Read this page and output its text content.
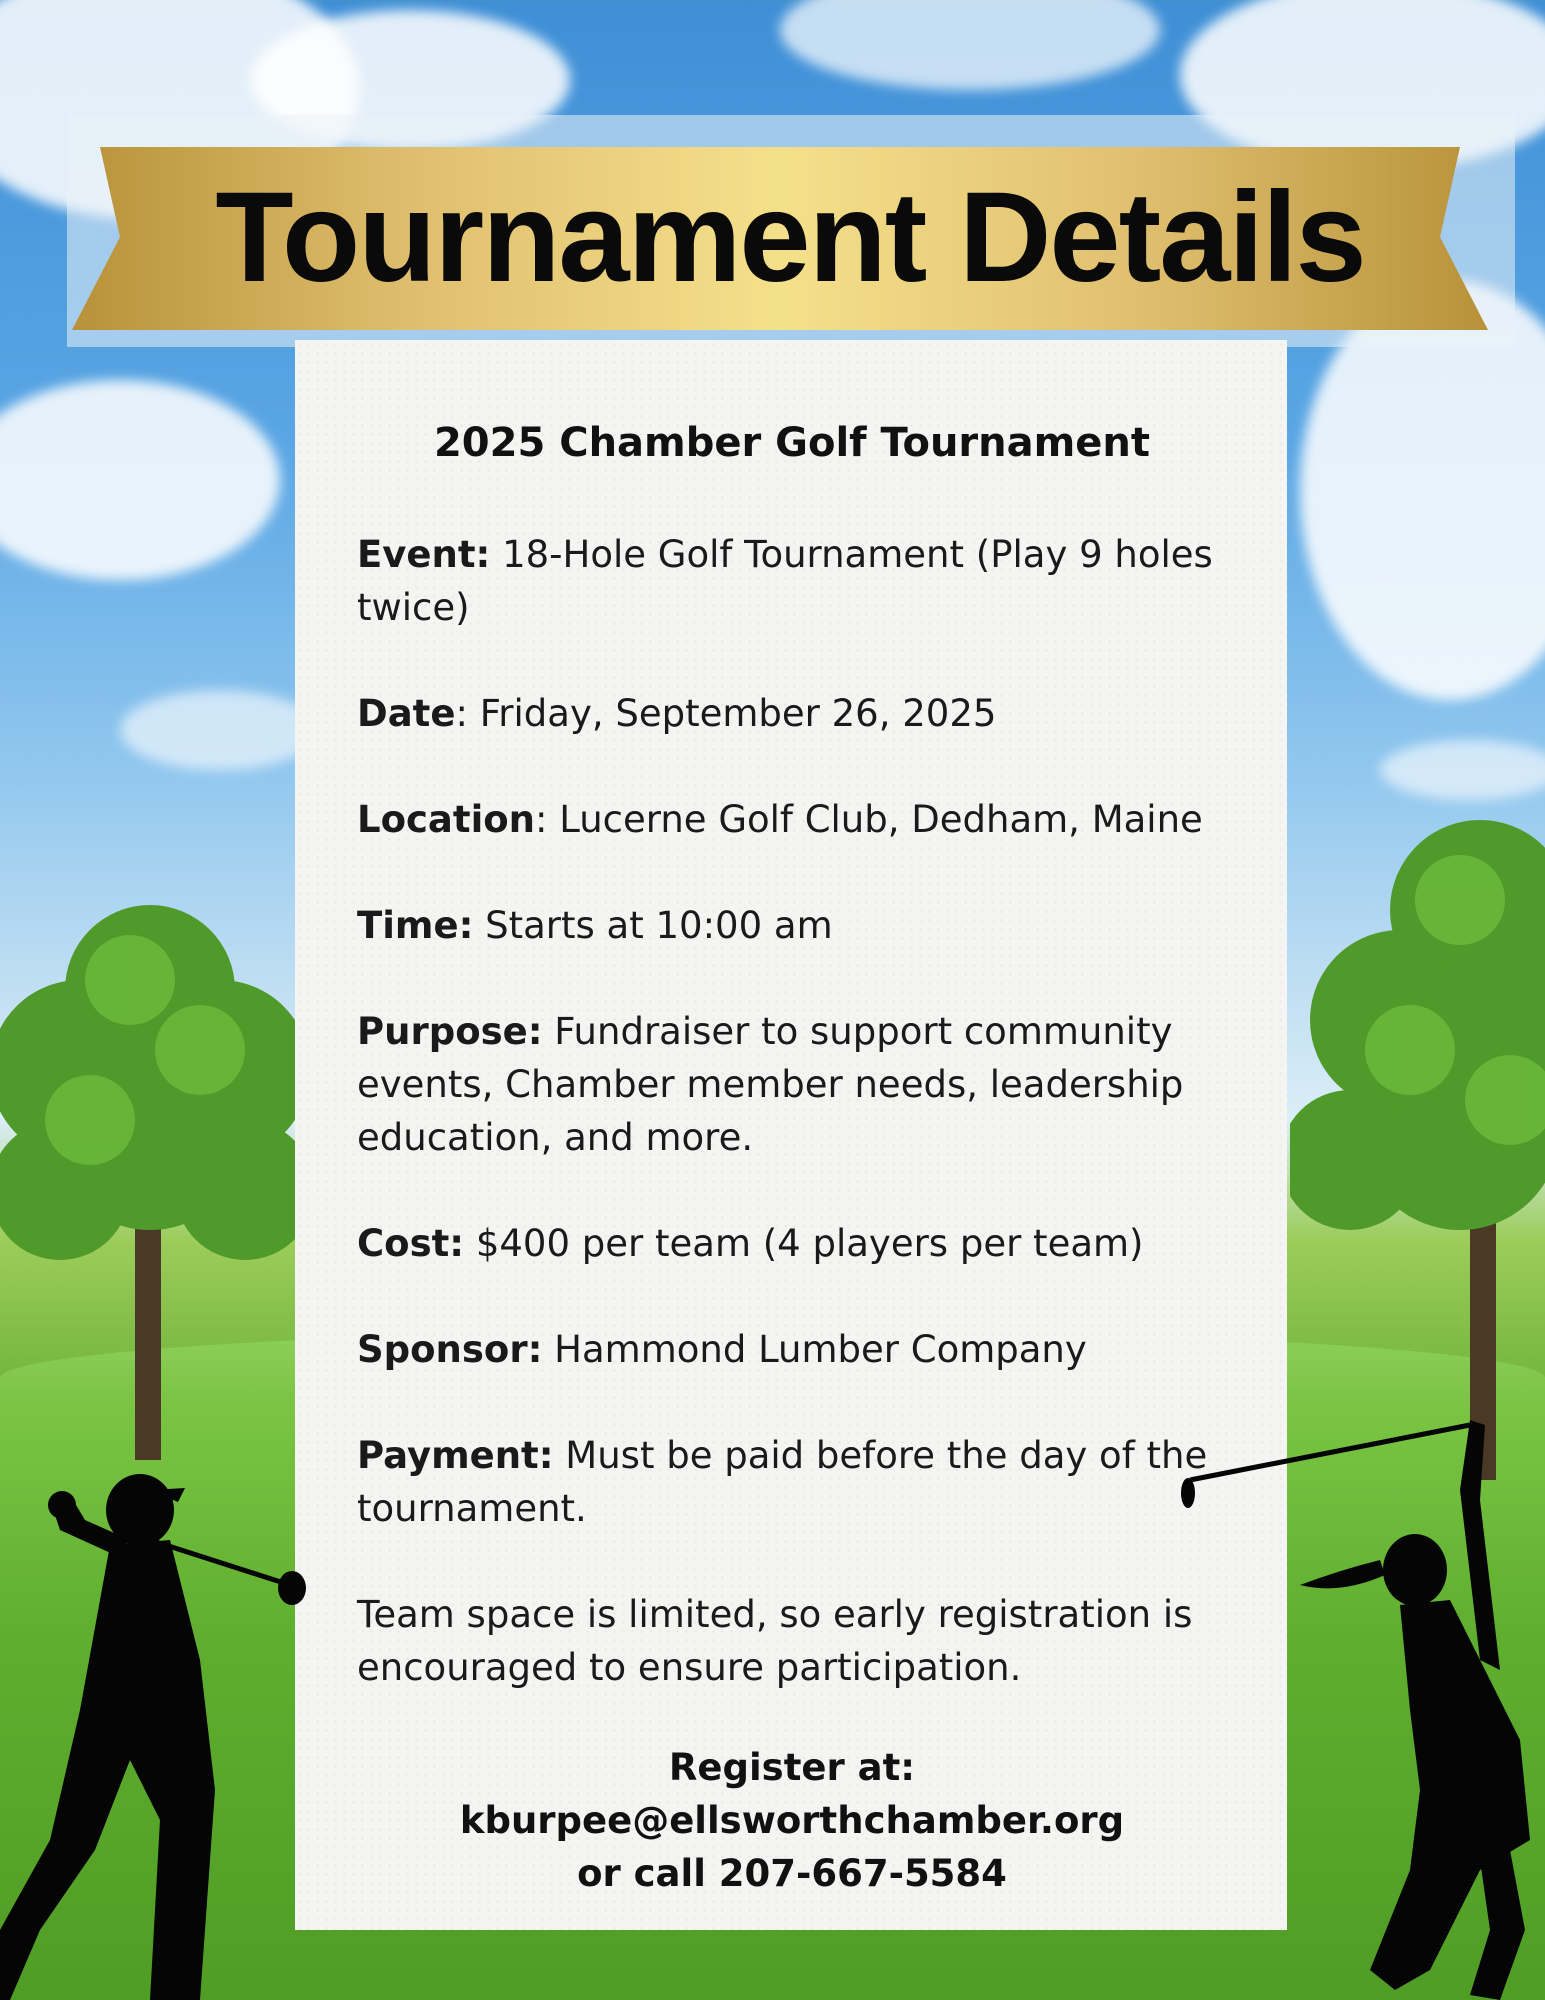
Tournament Details
2025 Chamber Golf Tournament
Event: 18-Hole Golf Tournament (Play 9 holes twice)
Date: Friday, September 26, 2025
Location: Lucerne Golf Club, Dedham, Maine
Time: Starts at 10:00 am
Purpose: Fundraiser to support community events, Chamber member needs, leadership education, and more.
Cost: $400 per team (4 players per team)
Sponsor: Hammond Lumber Company
Payment: Must be paid before the day of the tournament.
Team space is limited, so early registration is encouraged to ensure participation.
Register at: kburpee@ellsworthchamber.org
or call 207-667-5584
